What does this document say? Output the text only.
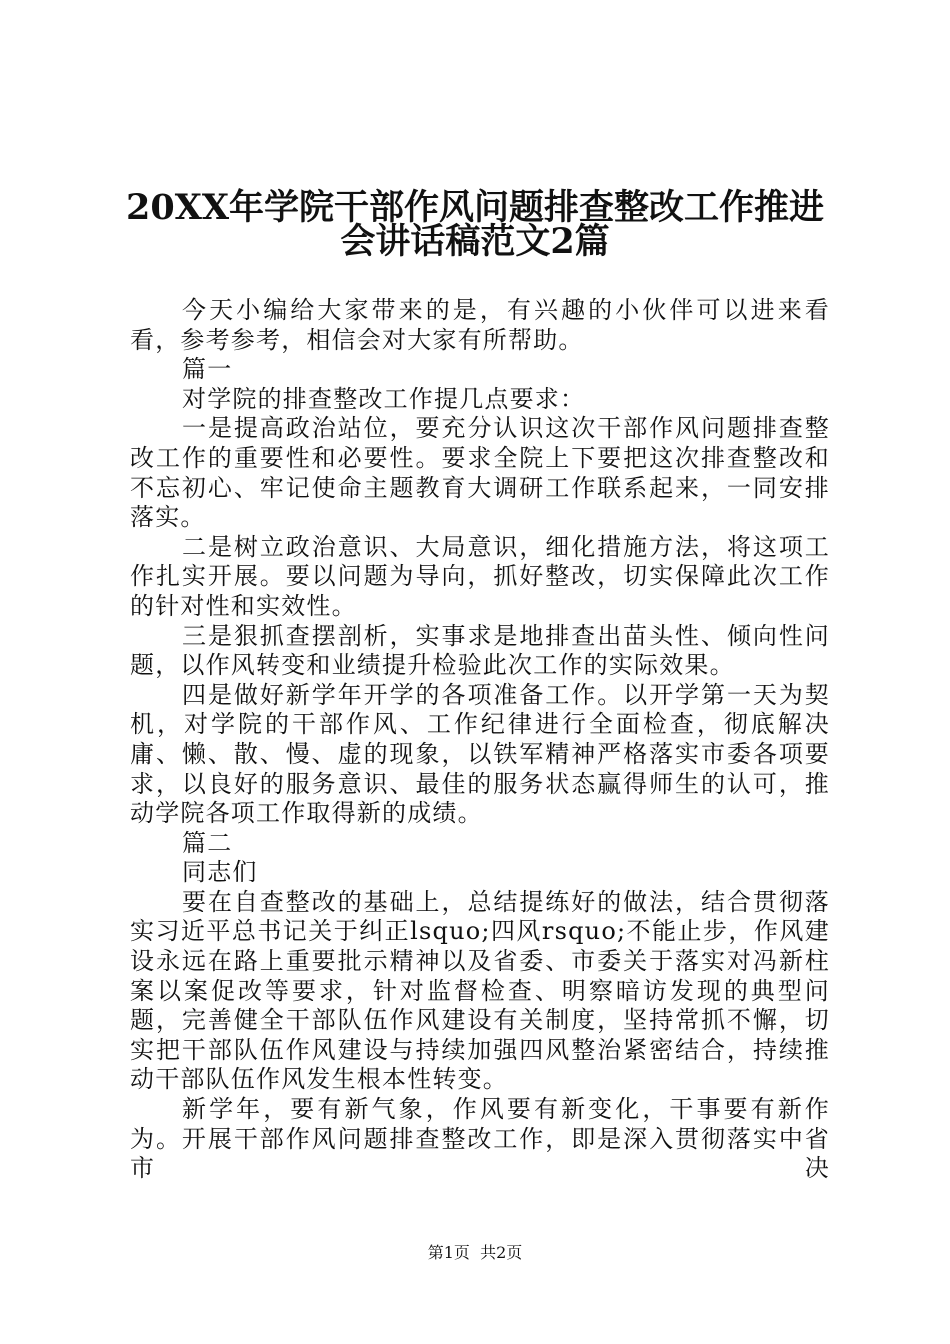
20XX年学院干部作风问题排查整改工作推进
会讲话稿范文2篇

今天小编给大家带来的是，有兴趣的小伙伴可以进来看看，参考参考，相信会对大家有所帮助。

篇一

对学院的排查整改工作提几点要求：

一是提高政治站位，要充分认识这次干部作风问题排查整改工作的重要性和必要性。要求全院上下要把这次排查整改和不忘初心、牢记使命主题教育大调研工作联系起来，一同安排落实。

二是树立政治意识、大局意识，细化措施方法，将这项工作扎实开展。要以问题为导向，抓好整改，切实保障此次工作的针对性和实效性。

三是狠抓查摆剖析，实事求是地排查出苗头性、倾向性问题，以作风转变和业绩提升检验此次工作的实际效果。

四是做好新学年开学的各项准备工作。以开学第一天为契机，对学院的干部作风、工作纪律进行全面检查，彻底解决庸、懒、散、慢、虚的现象，以铁军精神严格落实市委各项要求，以良好的服务意识、最佳的服务状态赢得师生的认可，推动学院各项工作取得新的成绩。

篇二

同志们

要在自查整改的基础上，总结提练好的做法，结合贯彻落实习近平总书记关于纠正lsquo;四风rsquo;不能止步，作风建设永远在路上重要批示精神以及省委、市委关于落实对冯新柱案以案促改等要求，针对监督检查、明察暗访发现的典型问题，完善健全干部队伍作风建设有关制度，坚持常抓不懈，切实把干部队伍作风建设与持续加强四风整治紧密结合，持续推动干部队伍作风发生根本性转变。

新学年，要有新气象，作风要有新变化，干事要有新作为。开展干部作风问题排查整改工作，即是深入贯彻落实中省市决

第1页  共2页
